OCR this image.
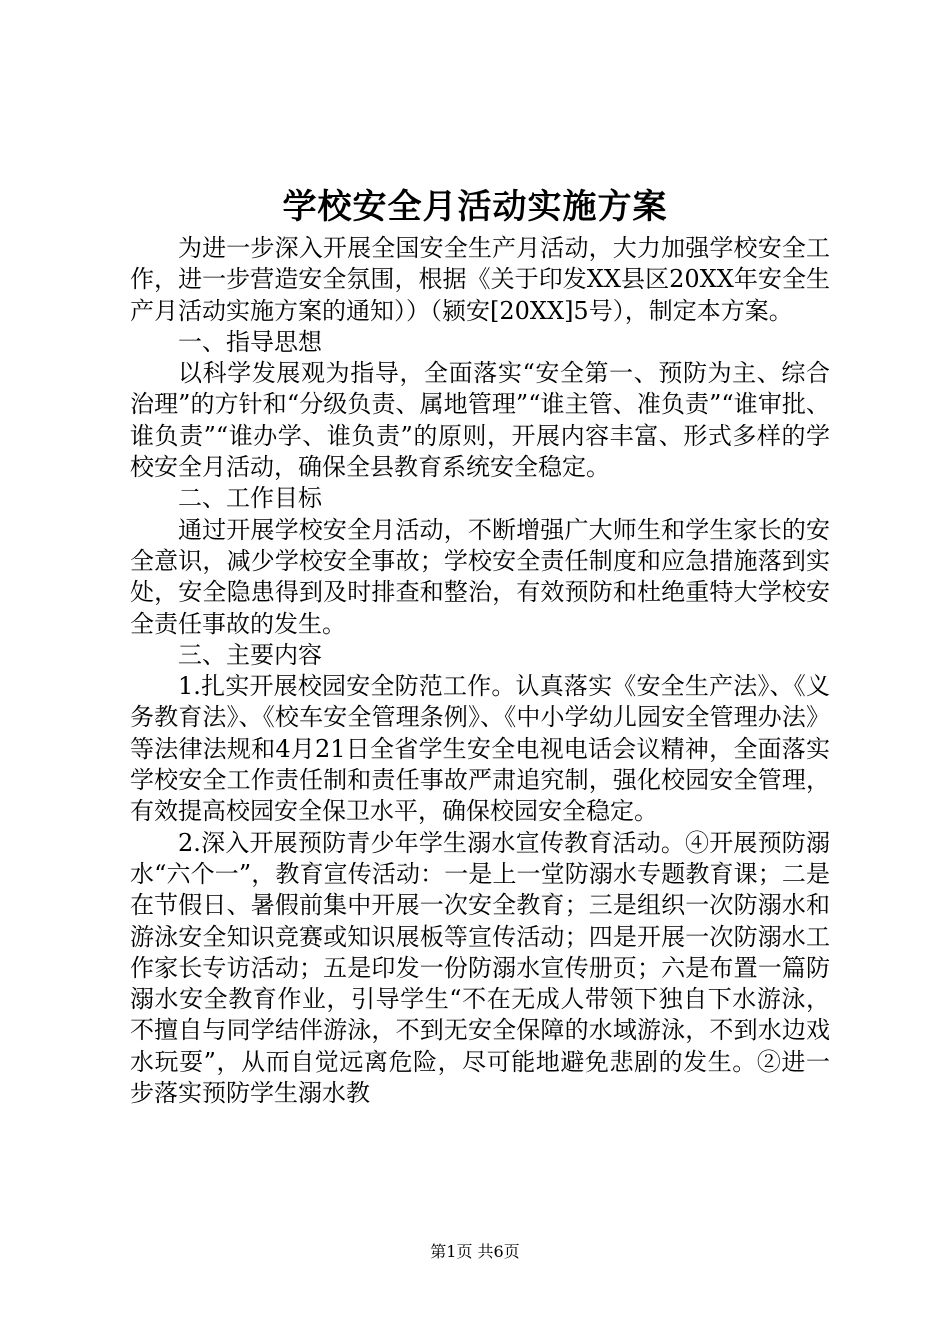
学校安全月活动实施方案

为进一步深入开展全国安全生产月活动，大力加强学校安全工作，进一步营造安全氛围，根据《关于印发XX县区20XX年安全生产月活动实施方案的通知））（颍安[20XX]5号），制定本方案。

一、指导思想

以科学发展观为指导，全面落实“安全第一、预防为主、综合治理”的方针和“分级负责、属地管理”“谁主管、准负责”“谁审批、谁负责”“谁办学、谁负责”的原则，开展内容丰富、形式多样的学校安全月活动，确保全县教育系统安全稳定。

二、工作目标

通过开展学校安全月活动，不断增强广大师生和学生家长的安全意识，减少学校安全事故；学校安全责任制度和应急措施落到实处，安全隐患得到及时排查和整治，有效预防和杜绝重特大学校安全责任事故的发生。

三、主要内容

1.扎实开展校园安全防范工作。认真落实《安全生产法》、《义务教育法》、《校车安全管理条例》、《中小学幼儿园安全管理办法》等法律法规和4月21日全省学生安全电视电话会议精神，全面落实学校安全工作责任制和责任事故严肃追究制，强化校园安全管理，有效提高校园安全保卫水平，确保校园安全稳定。

2.深入开展预防青少年学生溺水宣传教育活动。④开展预防溺水“六个一”，教育宣传活动：一是上一堂防溺水专题教育课；二是在节假日、暑假前集中开展一次安全教育；三是组织一次防溺水和游泳安全知识竞赛或知识展板等宣传活动；四是开展一次防溺水工作家长专访活动；五是印发一份防溺水宣传册页；六是布置一篇防溺水安全教育作业，引导学生“不在无成人带领下独自下水游泳，不擅自与同学结伴游泳，不到无安全保障的水域游泳，不到水边戏水玩耍”，从而自觉远离危险，尽可能地避免悲剧的发生。②进一步落实预防学生溺水教

第1页 共6页
